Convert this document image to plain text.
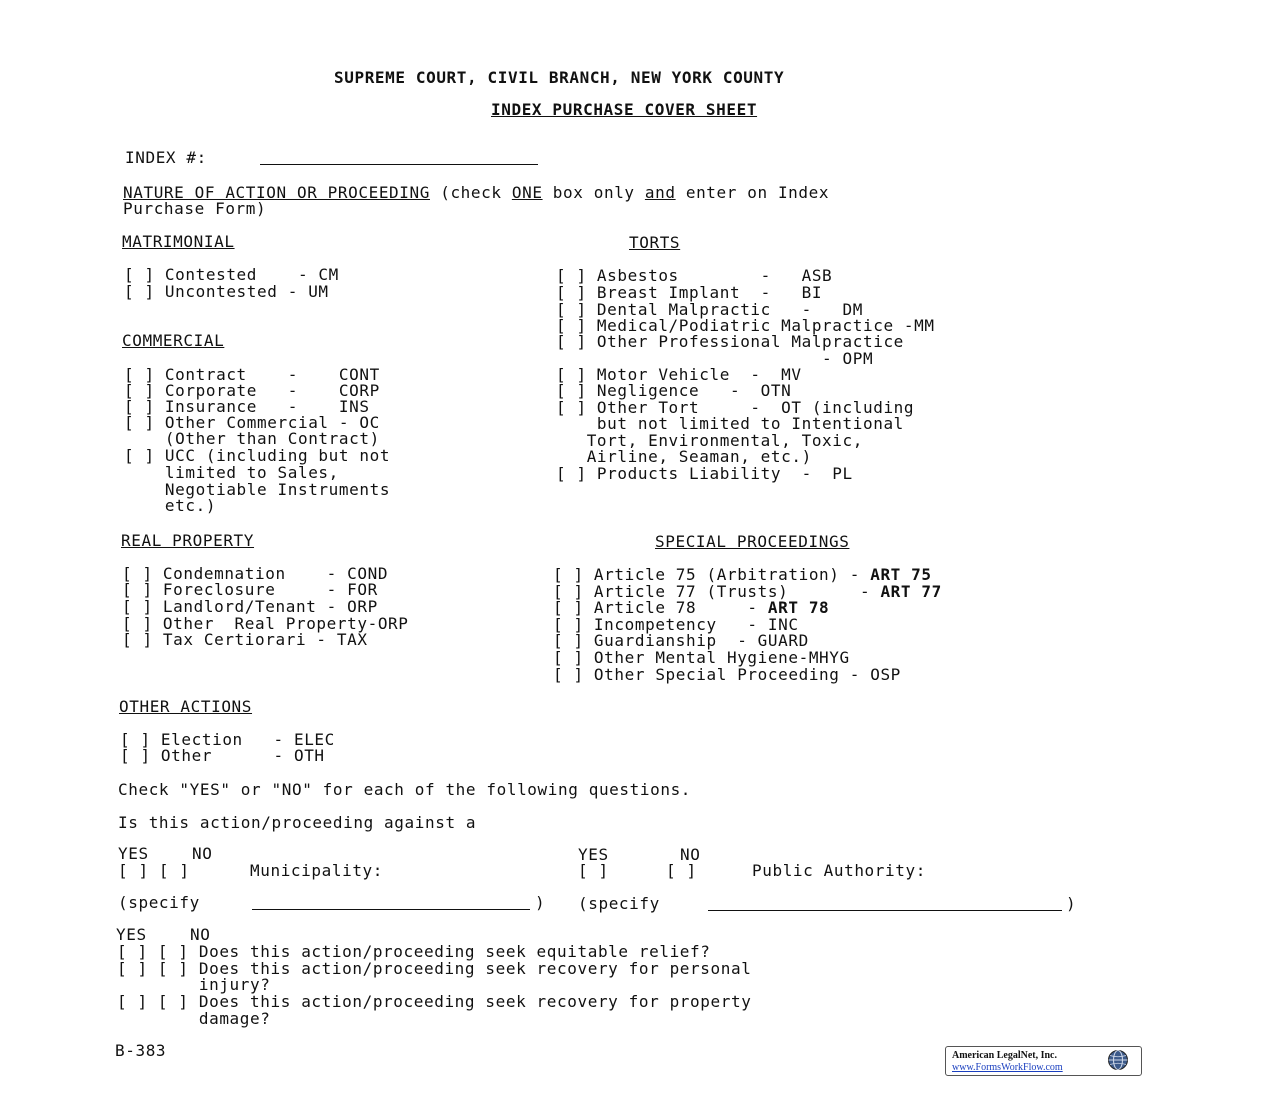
SUPREME COURT, CIVIL BRANCH, NEW YORK COUNTY
INDEX PURCHASE COVER SHEET
INDEX #:
NATURE OF ACTION OR PROCEEDING (check ONE box only and enter on Index
Purchase Form)
MATRIMONIAL
[ ] Contested    - CM
[ ] Uncontested - UM
COMMERCIAL
[ ] Contract    -    CONT
[ ] Corporate   -    CORP
[ ] Insurance   -    INS
[ ] Other Commercial - OC
(Other than Contract)
[ ] UCC (including but not
limited to Sales,
Negotiable Instruments
etc.)
TORTS
[ ] Asbestos        -   ASB
[ ] Breast Implant  -   BI
[ ] Dental Malpractic   -   DM
[ ] Medical/Podiatric Malpractice -MM
[ ] Other Professional Malpractice
- OPM
[ ] Motor Vehicle  -  MV
[ ] Negligence   -  OTN
[ ] Other Tort     -  OT (including
but not limited to Intentional
Tort, Environmental, Toxic,
Airline, Seaman, etc.)
[ ] Products Liability  -  PL
REAL PROPERTY
[ ] Condemnation    - COND
[ ] Foreclosure     - FOR
[ ] Landlord/Tenant - ORP
[ ] Other  Real Property-ORP
[ ] Tax Certiorari - TAX
SPECIAL PROCEEDINGS
[ ] Article 75 (Arbitration) - ART 75
[ ] Article 77 (Trusts)       - ART 77
[ ] Article 78     - ART 78
[ ] Incompetency   - INC
[ ] Guardianship  - GUARD
[ ] Other Mental Hygiene-MHYG
[ ] Other Special Proceeding - OSP
OTHER ACTIONS
[ ] Election   - ELEC
[ ] Other      - OTH
Check "YES" or "NO" for each of the following questions.
Is this action/proceeding against a
YES	NO
[ ] [ ]	Municipality:
YES	NO
[ ]	[ ]	Public Authority:
(specify	) (specify	)
YES	NO
[ ] [ ] Does this action/proceeding seek equitable relief?
[ ] [ ] Does this action/proceeding seek recovery for personal
injury?
[ ] [ ] Does this action/proceeding seek recovery for property
damage?
B-383	American LegalNet, Inc.
www.FormsWorkFlow.com
